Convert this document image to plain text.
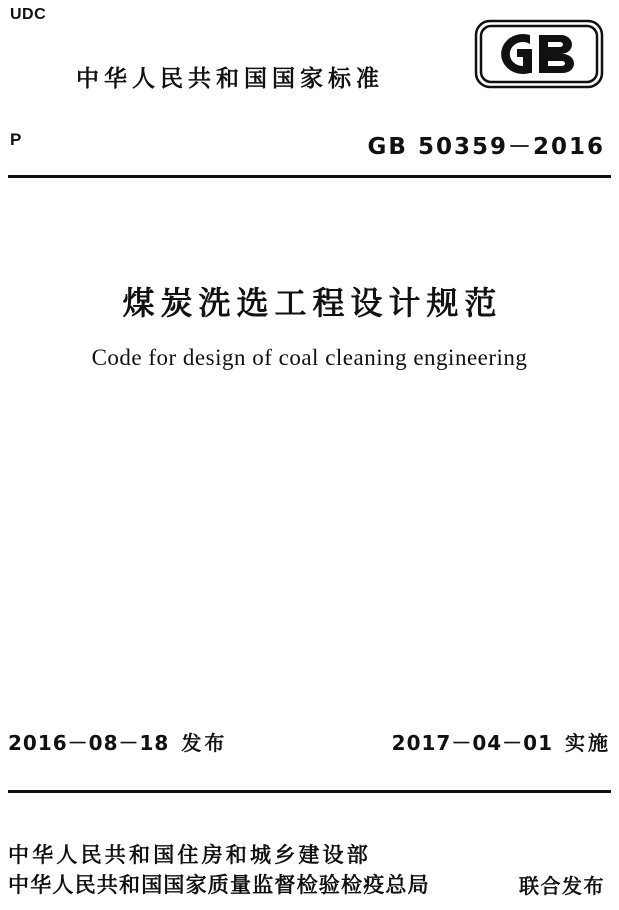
UDC
中华人民共和国国家标准
P	GB 50359－2016
煤炭洗选工程设计规范
Code for design of coal cleaning engineering
2016－08－18 发布	2017－04－01 实施
中华人民共和国住房和城乡建设部
中华人民共和国国家质量监督检验检疫总局	联合发布
